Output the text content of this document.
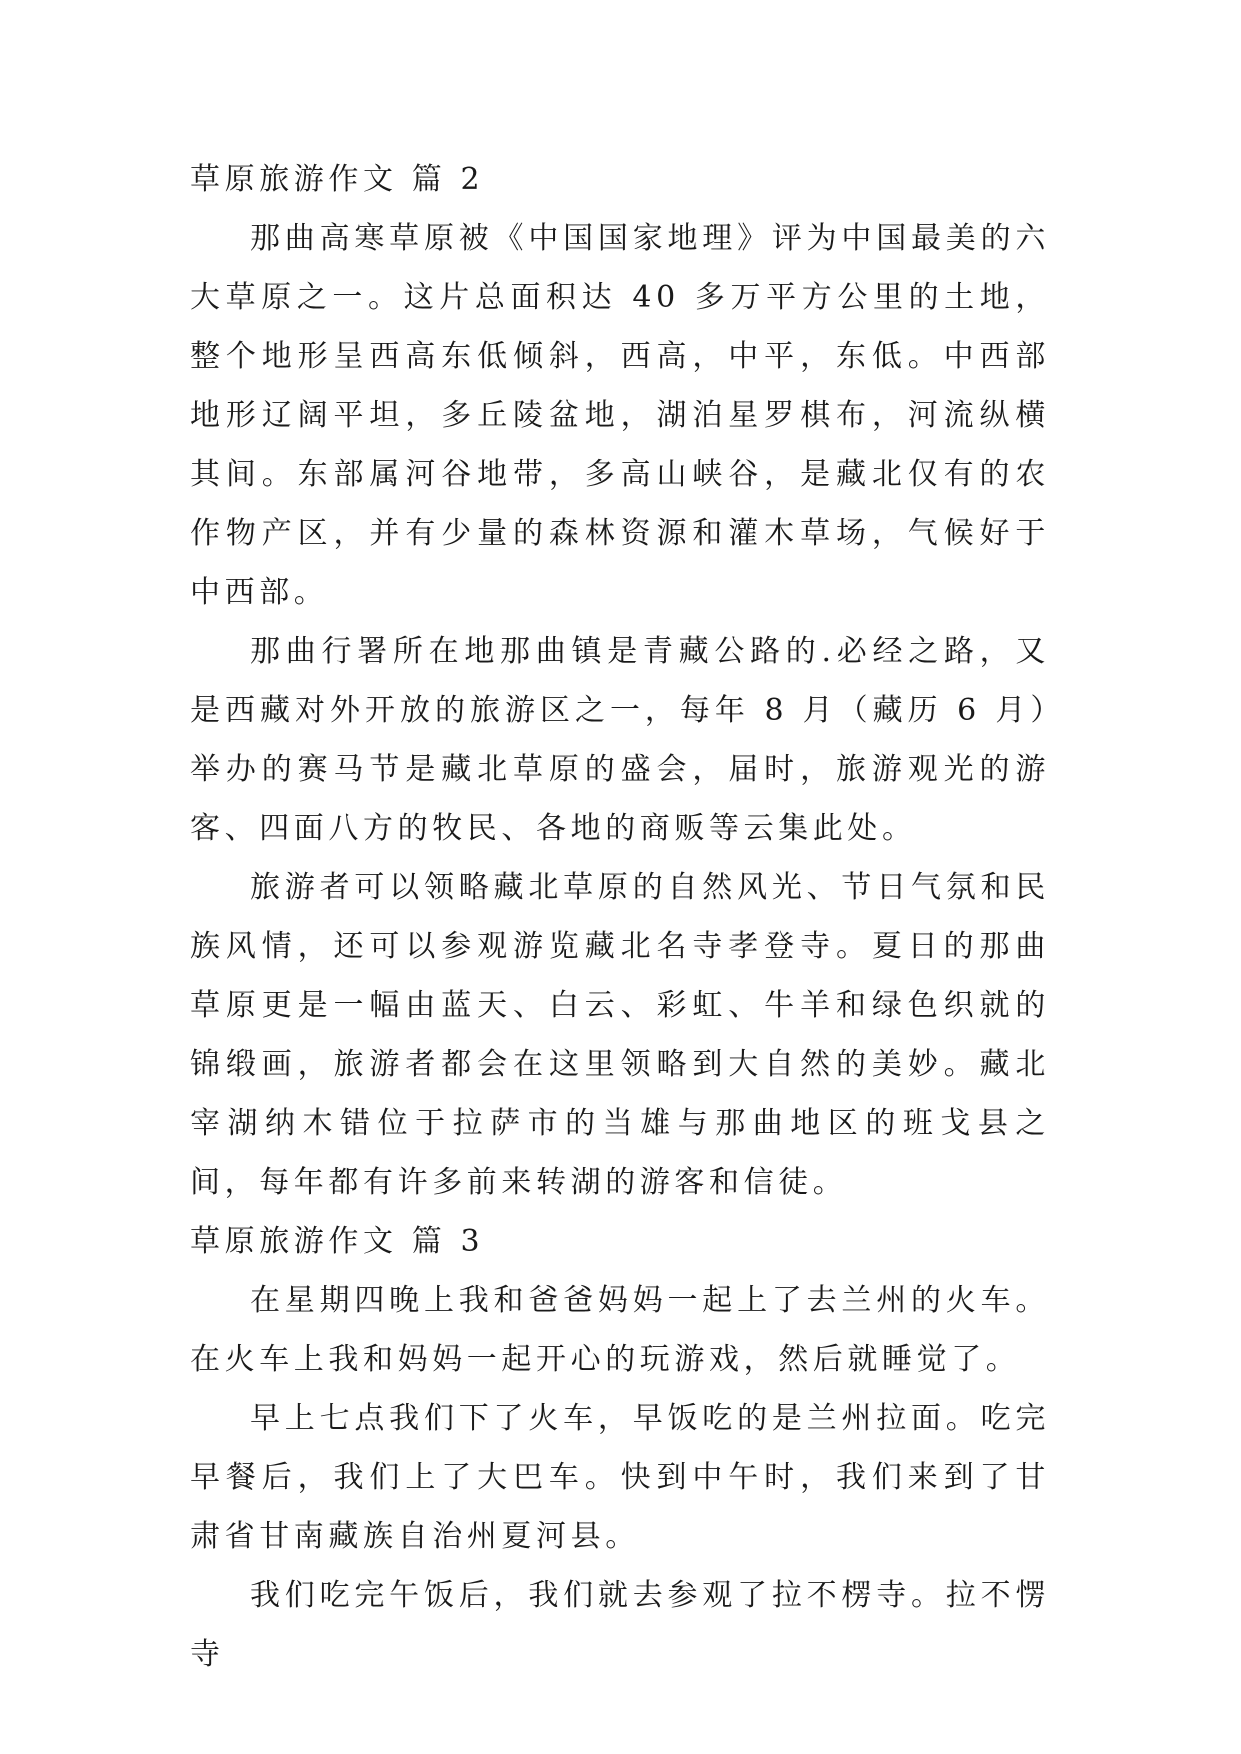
草原旅游作文 篇 2

那曲高寒草原被《中国国家地理》评为中国最美的六大草原之一。这片总面积达 40 多万平方公里的土地，整个地形呈西高东低倾斜，西高，中平，东低。中西部地形辽阔平坦，多丘陵盆地，湖泊星罗棋布，河流纵横其间。东部属河谷地带，多高山峡谷，是藏北仅有的农作物产区，并有少量的森林资源和灌木草场，气候好于中西部。

那曲行署所在地那曲镇是青藏公路的.必经之路，又是西藏对外开放的旅游区之一，每年 8 月（藏历 6 月）举办的赛马节是藏北草原的盛会，届时，旅游观光的游客、四面八方的牧民、各地的商贩等云集此处。

旅游者可以领略藏北草原的自然风光、节日气氛和民族风情，还可以参观游览藏北名寺孝登寺。夏日的那曲草原更是一幅由蓝天、白云、彩虹、牛羊和绿色织就的锦缎画，旅游者都会在这里领略到大自然的美妙。藏北宰湖纳木错位于拉萨市的当雄与那曲地区的班戈县之间，每年都有许多前来转湖的游客和信徒。

草原旅游作文 篇 3

在星期四晚上我和爸爸妈妈一起上了去兰州的火车。在火车上我和妈妈一起开心的玩游戏，然后就睡觉了。

早上七点我们下了火车，早饭吃的是兰州拉面。吃完早餐后，我们上了大巴车。快到中午时，我们来到了甘肃省甘南藏族自治州夏河县。

我们吃完午饭后，我们就去参观了拉不楞寺。拉不愣寺
